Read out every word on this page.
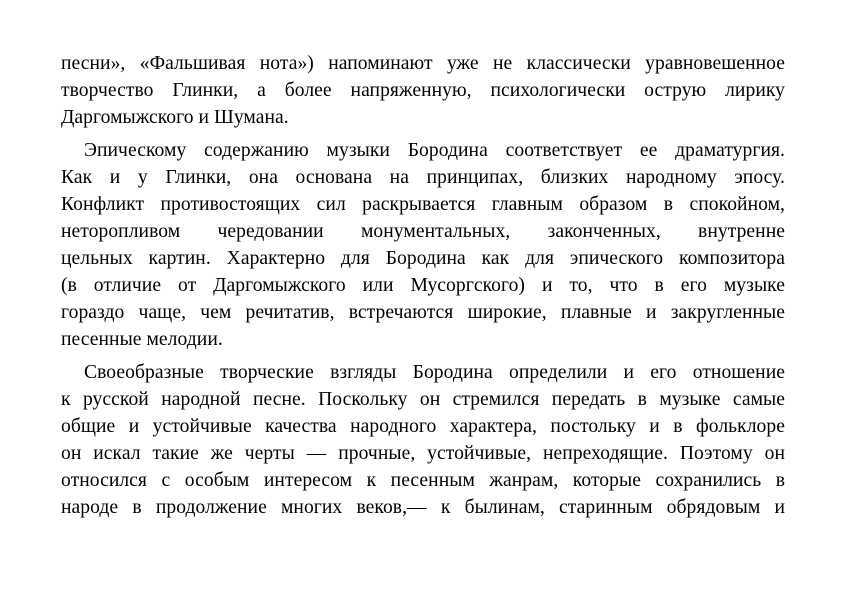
песни», «Фальшивая нота») напоминают уже не классически уравновешенное
творчество Глинки, а более напряженную, психологически острую лирику
Даргомыжского и Шумана.
Эпическому содержанию музыки Бородина соответствует ее драматургия.
Как и у Глинки, она основана на принципах, близких народному эпосу.
Конфликт противостоящих сил раскрывается главным образом в спокойном,
неторопливом чередовании монументальных, законченных, внутренне
цельных картин. Характерно для Бородина как для эпического композитора
(в отличие от Даргомыжского или Мусоргского) и то, что в его музыке
гораздо чаще, чем речитатив, встречаются широкие, плавные и закругленные
песенные мелодии.
Своеобразные творческие взгляды Бородина определили и его отношение
к русской народной песне. Поскольку он стремился передать в музыке самые
общие и устойчивые качества народного характера, постольку и в фольклоре
он искал такие же черты — прочные, устойчивые, непреходящие. Поэтому он
относился с особым интересом к песенным жанрам, которые сохранились в
народе в продолжение многих веков,— к былинам, старинным обрядовым и
